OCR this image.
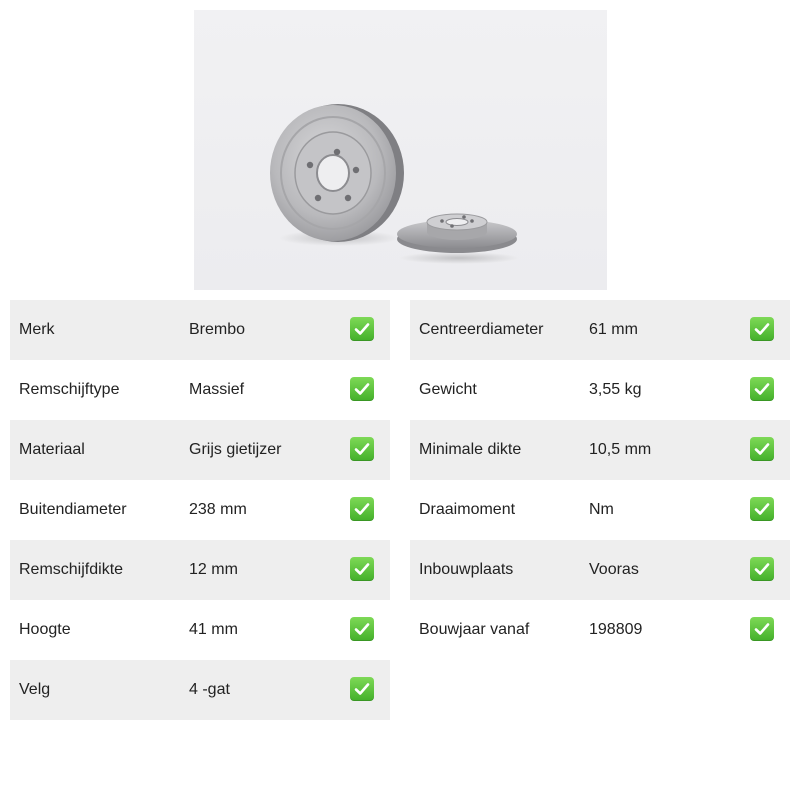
Merk	Brembo
Remschijftype	Massief
Materiaal	Grijs gietijzer
Buitendiameter	238 mm
Remschijfdikte	12 mm
Hoogte	41 mm
Velg	4 -gat
Centreerdiameter	61 mm
Gewicht	3,55 kg
Minimale dikte	10,5 mm
Draaimoment	Nm
Inbouwplaats	Vooras
Bouwjaar vanaf	198809
